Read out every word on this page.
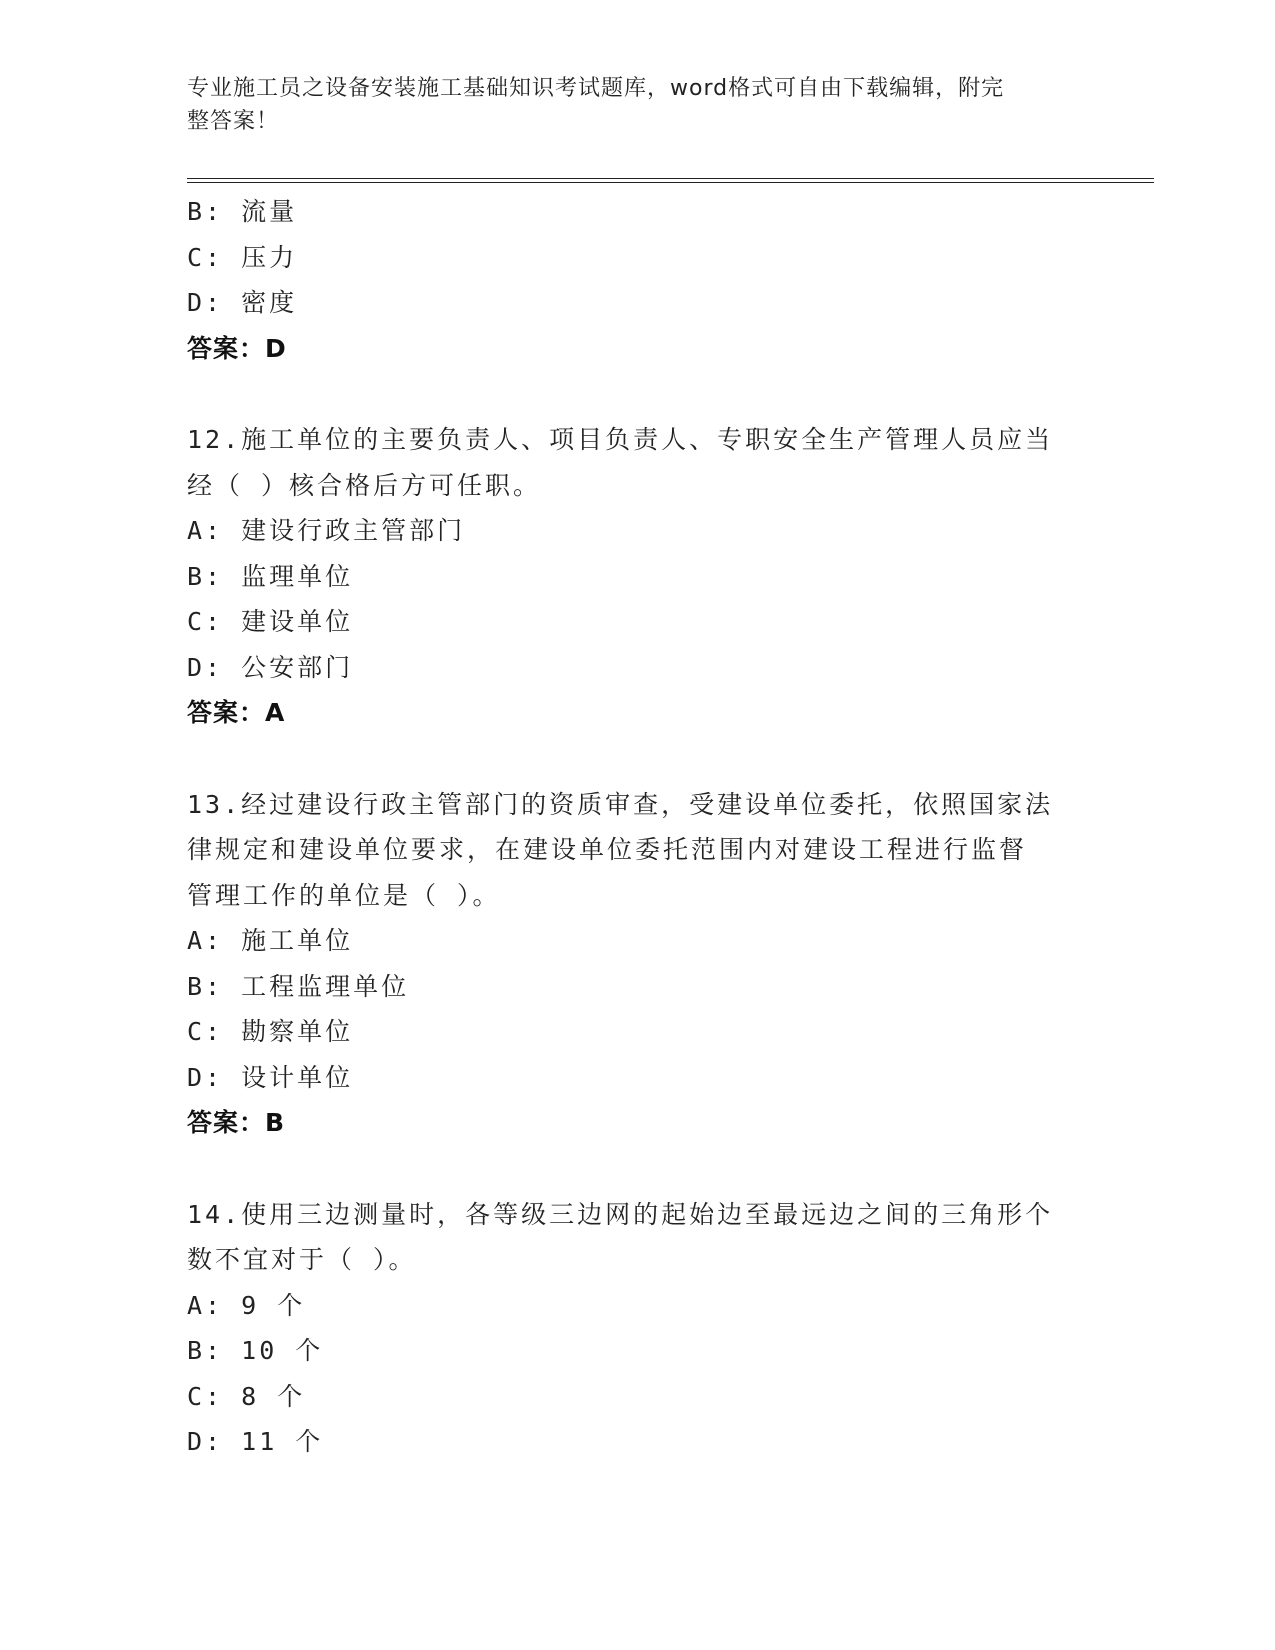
专业施工员之设备安装施工基础知识考试题库，word格式可自由下载编辑，附完
整答案！
B: 流量
C: 压力
D: 密度
答案：D
12.施工单位的主要负责人、项目负责人、专职安全生产管理人员应当
经（ ）核合格后方可任职。
A: 建设行政主管部门
B: 监理单位
C: 建设单位
D: 公安部门
答案：A
13.经过建设行政主管部门的资质审查，受建设单位委托，依照国家法
律规定和建设单位要求，在建设单位委托范围内对建设工程进行监督
管理工作的单位是（ ）。
A: 施工单位
B: 工程监理单位
C: 勘察单位
D: 设计单位
答案：B
14.使用三边测量时，各等级三边网的起始边至最远边之间的三角形个
数不宜对于（ ）。
A: 9 个
B: 10 个
C: 8 个
D: 11 个
